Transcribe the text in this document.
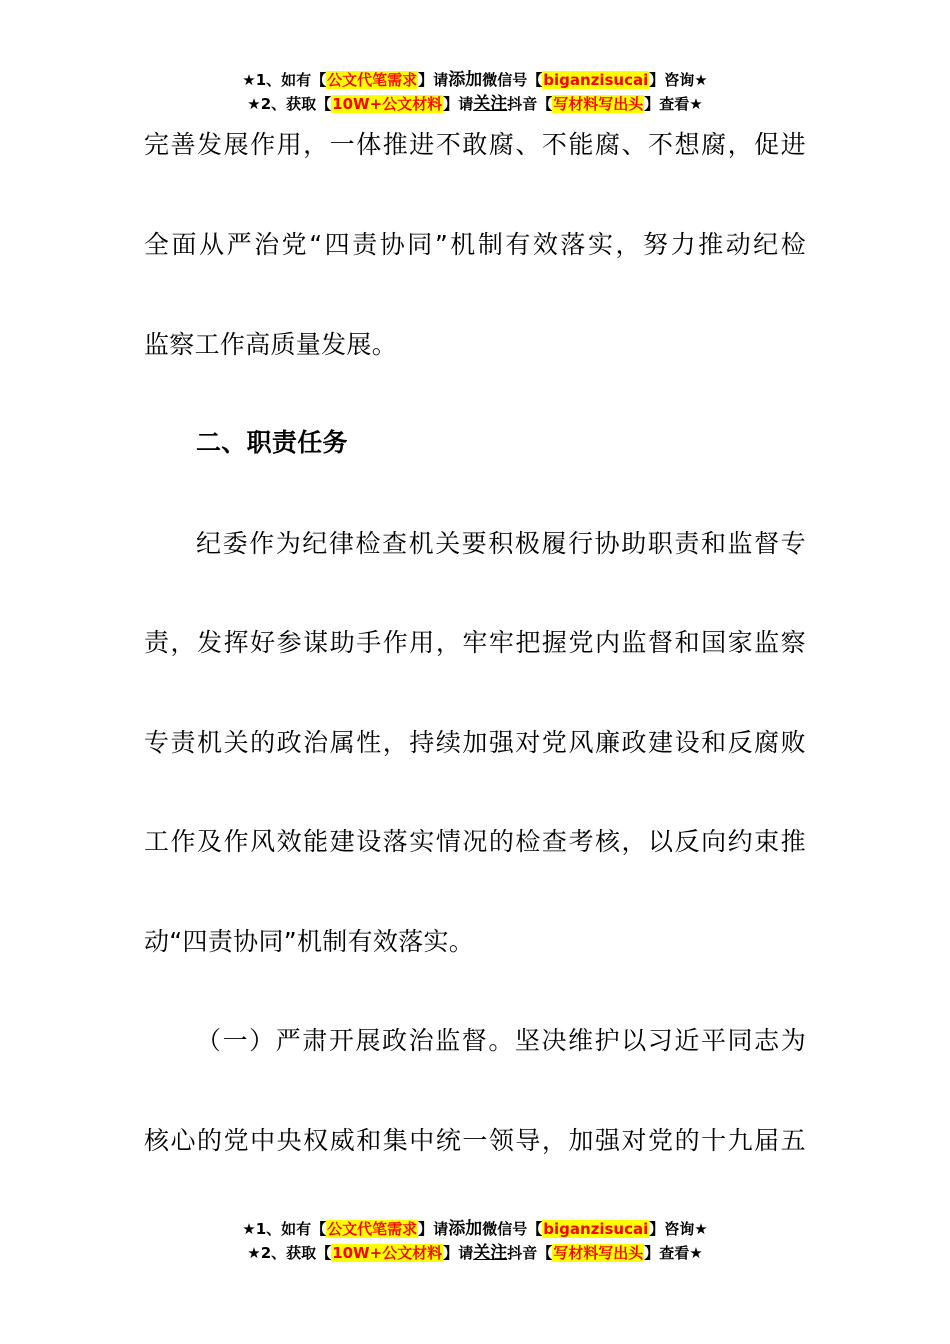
★1、如有【公文代笔需求】请添加微信号【biganzisucai】咨询★
★2、获取【10W+公文材料】请关注抖音【写材料写出头】查看★
完善发展作用，一体推进不敢腐、不能腐、不想腐，促进
全面从严治党“四责协同”机制有效落实，努力推动纪检
监察工作高质量发展。
二、职责任务
纪委作为纪律检查机关要积极履行协助职责和监督专
责，发挥好参谋助手作用，牢牢把握党内监督和国家监察
专责机关的政治属性，持续加强对党风廉政建设和反腐败
工作及作风效能建设落实情况的检查考核，以反向约束推
动“四责协同”机制有效落实。
（一）严肃开展政治监督。坚决维护以习近平同志为
核心的党中央权威和集中统一领导，加强对党的十九届五
★1、如有【公文代笔需求】请添加微信号【biganzisucai】咨询★
★2、获取【10W+公文材料】请关注抖音【写材料写出头】查看★
